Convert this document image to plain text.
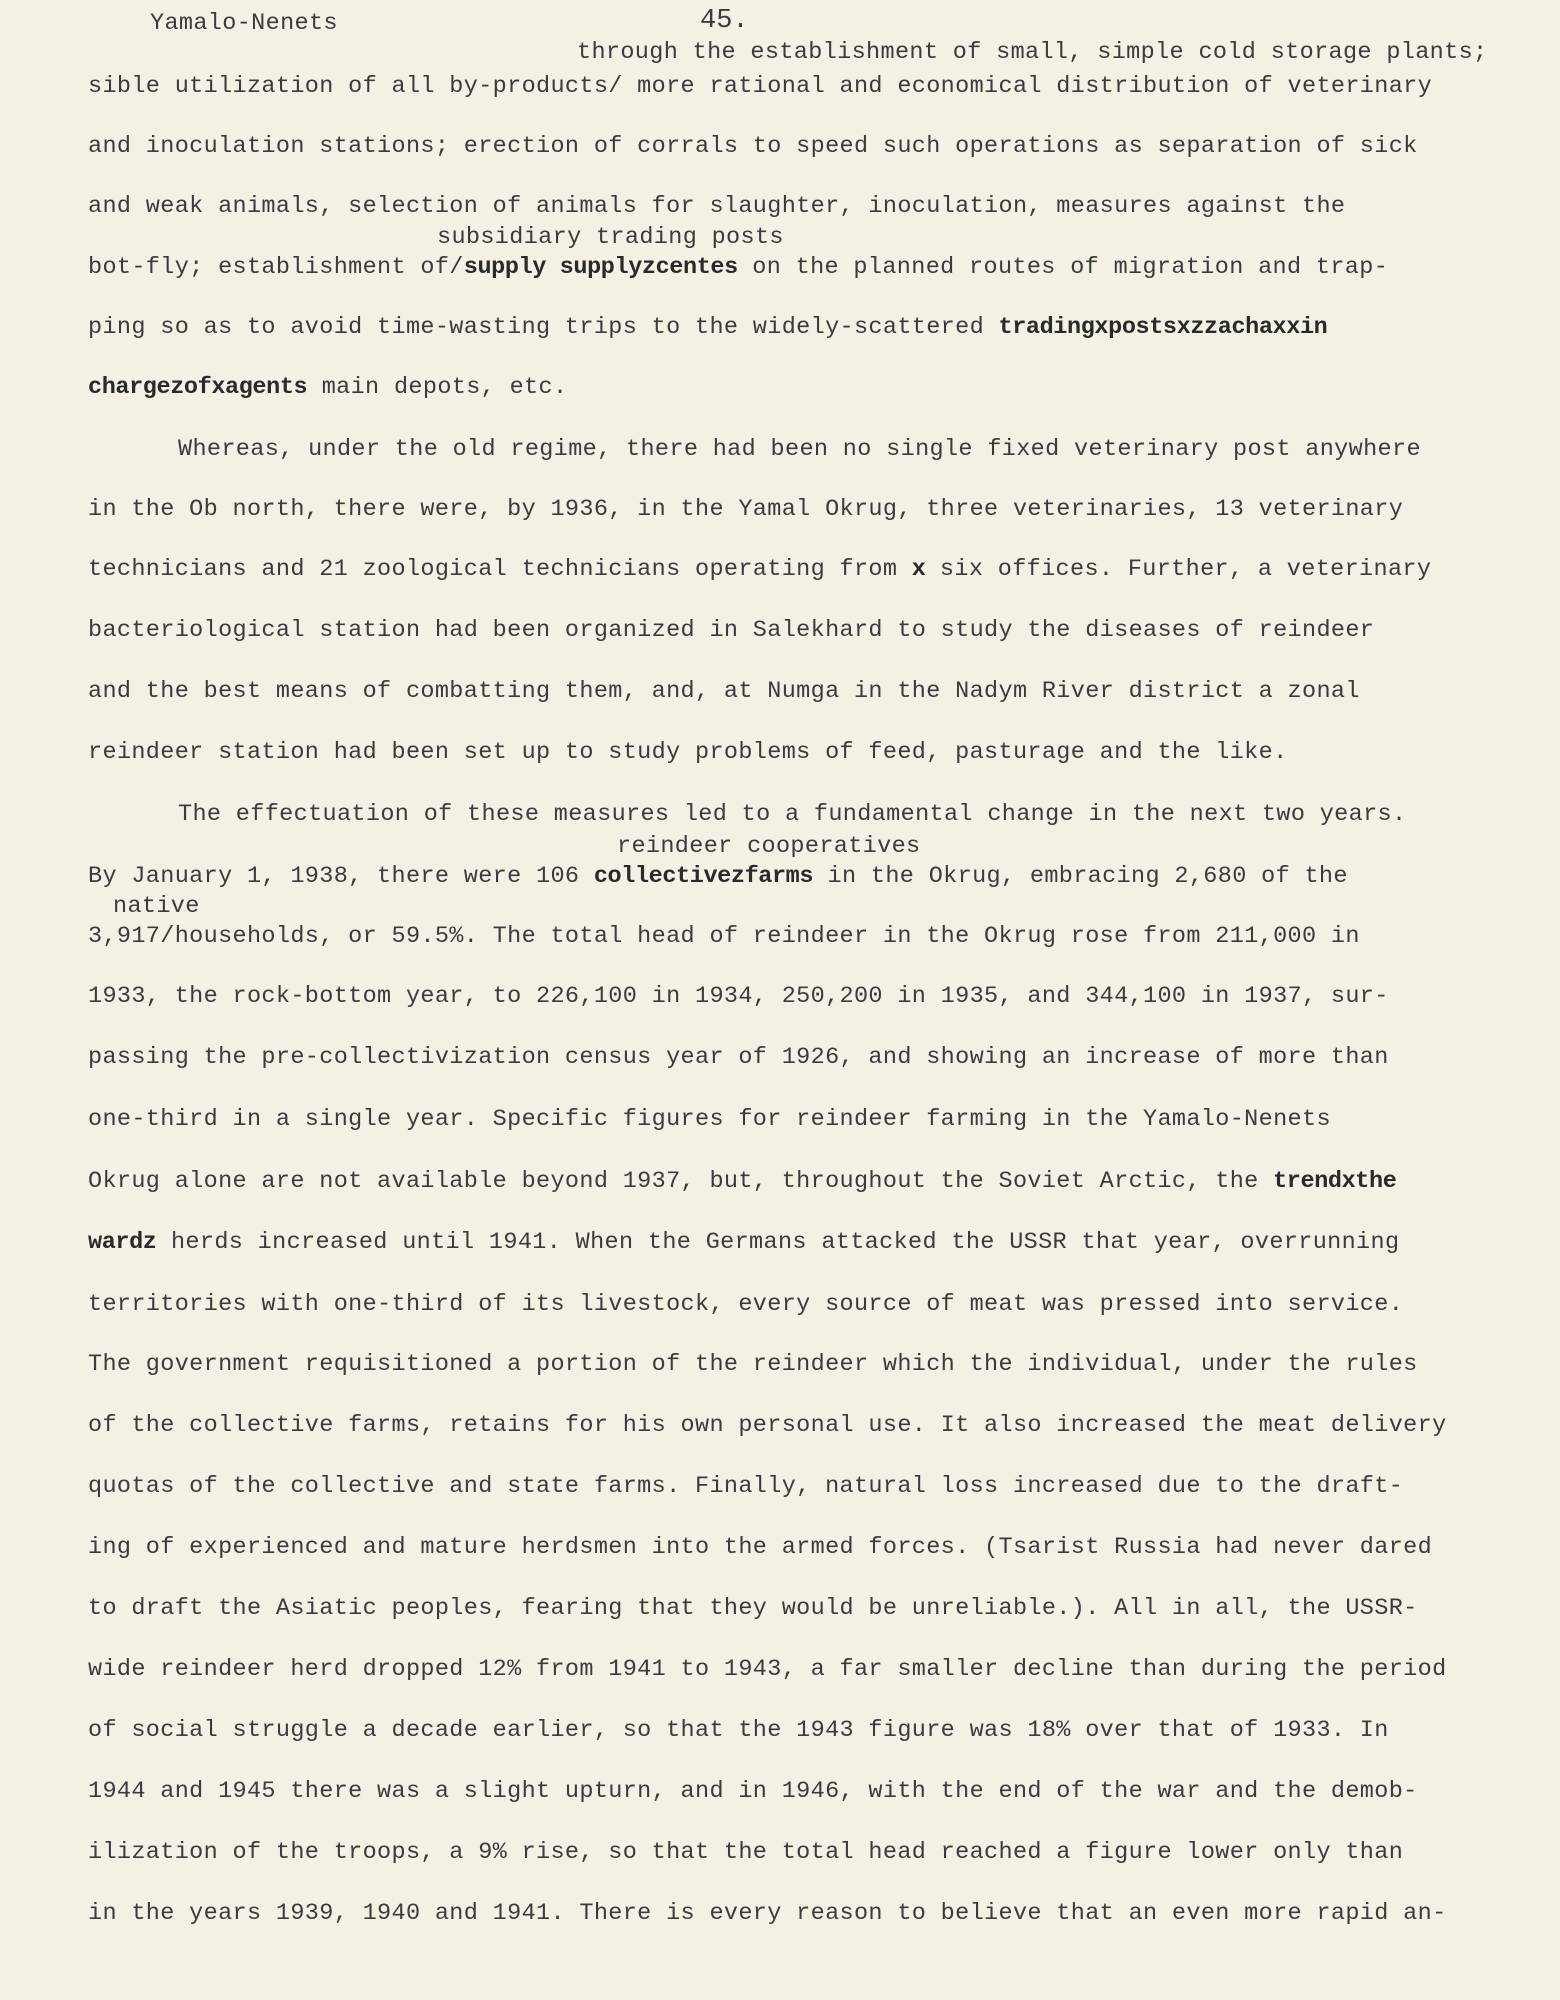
Yamalo-Nenets	45.
through the establishment of small, simple cold storage plants;
sible utilization of all by-products/ more rational and economical distribution of veterinary
and inoculation stations; erection of corrals to speed such operations as separation of sick
and weak animals, selection of animals for slaughter, inoculation, measures against the
subsidiary trading posts
bot-fly; establishment of/supply supplyzcentes on the planned routes of migration and trap-
ping so as to avoid time-wasting trips to the widely-scattered tradingxpostsxzzachaxxin
chargezofxagents main depots, etc.
Whereas, under the old regime, there had been no single fixed veterinary post anywhere
in the Ob north, there were, by 1936, in the Yamal Okrug, three veterinaries, 13 veterinary
technicians and 21 zoological technicians operating from x six offices. Further, a veterinary
bacteriological station had been organized in Salekhard to study the diseases of reindeer
and the best means of combatting them, and, at Numga in the Nadym River district a zonal
reindeer station had been set up to study problems of feed, pasturage and the like.
The effectuation of these measures led to a fundamental change in the next two years.
reindeer cooperatives
By January 1, 1938, there were 106 collectivezfarms in the Okrug, embracing 2,680 of the
native
3,917/households, or 59.5%. The total head of reindeer in the Okrug rose from 211,000 in
1933, the rock-bottom year, to 226,100 in 1934, 250,200 in 1935, and 344,100 in 1937, sur-
passing the pre-collectivization census year of 1926, and showing an increase of more than
one-third in a single year. Specific figures for reindeer farming in the Yamalo-Nenets
Okrug alone are not available beyond 1937, but, throughout the Soviet Arctic, the trendxthe
wardz herds increased until 1941. When the Germans attacked the USSR that year, overrunning
territories with one-third of its livestock, every source of meat was pressed into service.
The government requisitioned a portion of the reindeer which the individual, under the rules
of the collective farms, retains for his own personal use. It also increased the meat delivery
quotas of the collective and state farms. Finally, natural loss increased due to the draft-
ing of experienced and mature herdsmen into the armed forces. (Tsarist Russia had never dared
to draft the Asiatic peoples, fearing that they would be unreliable.). All in all, the USSR-
wide reindeer herd dropped 12% from 1941 to 1943, a far smaller decline than during the period
of social struggle a decade earlier, so that the 1943 figure was 18% over that of 1933. In
1944 and 1945 there was a slight upturn, and in 1946, with the end of the war and the demob-
ilization of the troops, a 9% rise, so that the total head reached a figure lower only than
in the years 1939, 1940 and 1941. There is every reason to believe that an even more rapid an-
